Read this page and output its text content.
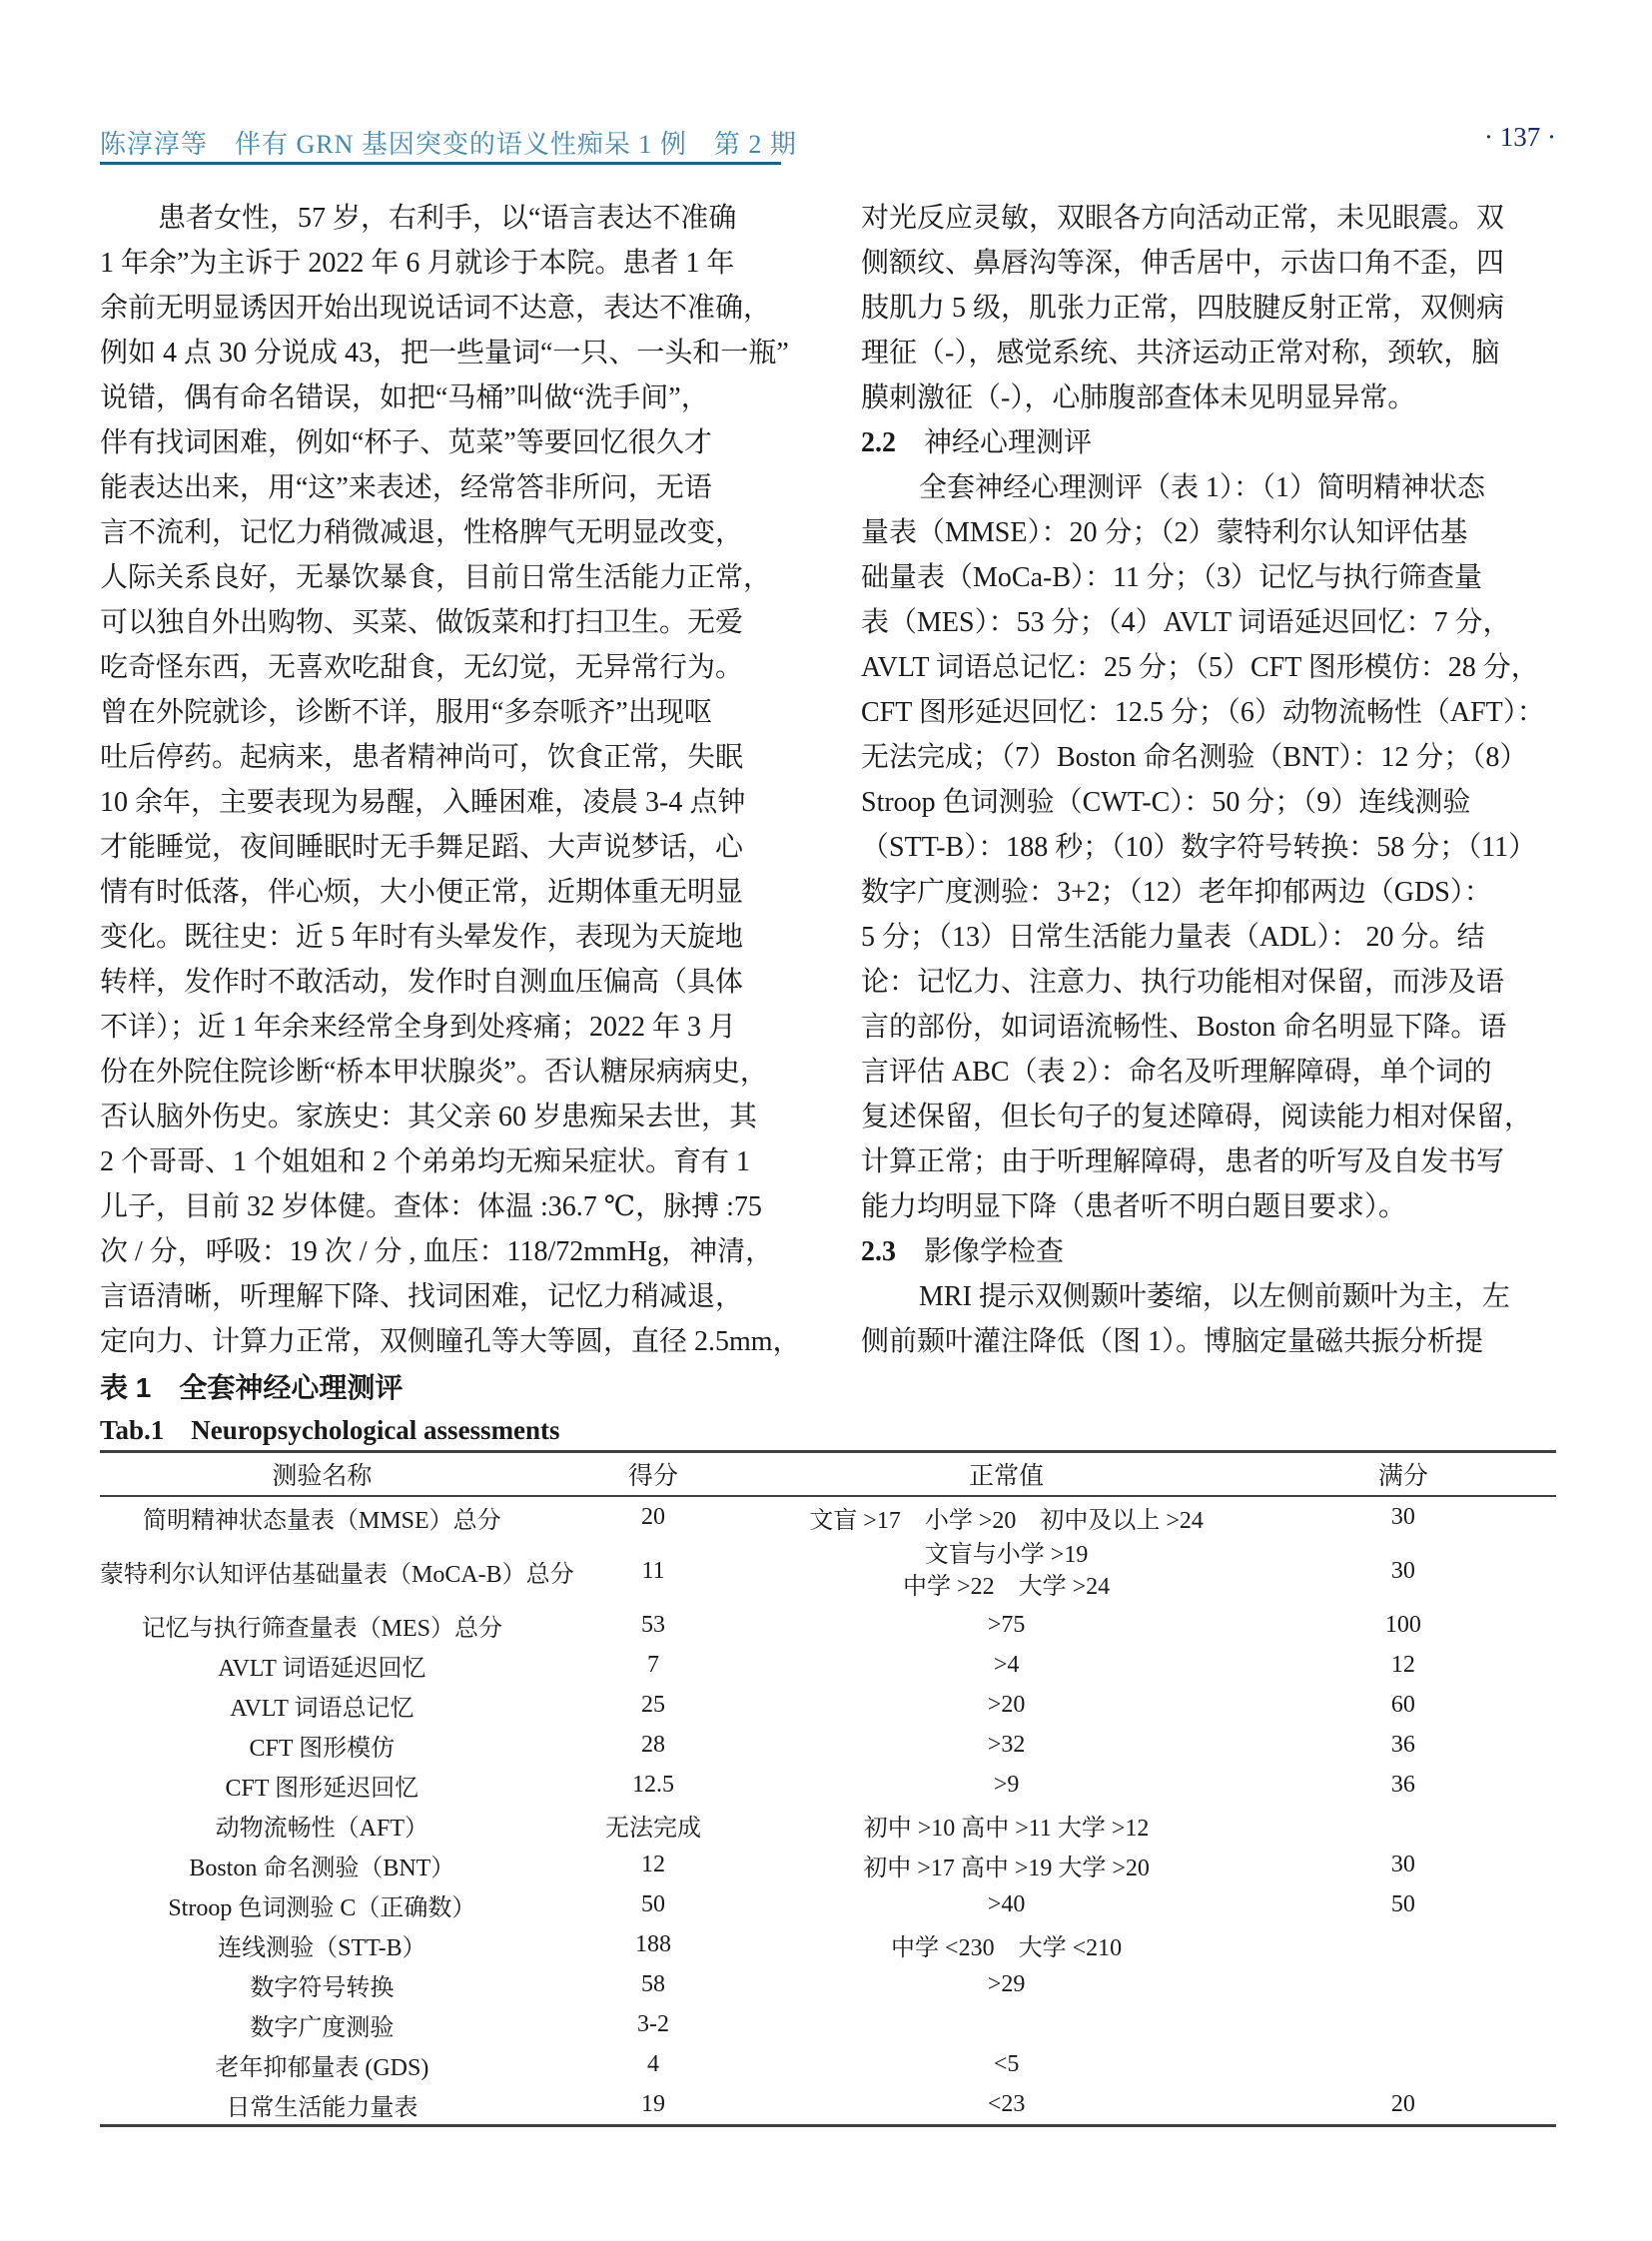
陈淳淳等　伴有 GRN 基因突变的语义性痴呆 1 例　第 2 期	· 137 ·
患者女性，57 岁，右利手，以“语言表达不准确
1 年余”为主诉于 2022 年 6 月就诊于本院。患者 1 年
余前无明显诱因开始出现说话词不达意，表达不准确，
例如 4 点 30 分说成 43，把一些量词“一只、一头和一瓶”
说错，偶有命名错误，如把“马桶”叫做“洗手间”，
伴有找词困难，例如“杯子、苋菜”等要回忆很久才
能表达出来，用“这”来表述，经常答非所问，无语
言不流利，记忆力稍微减退，性格脾气无明显改变，
人际关系良好，无暴饮暴食，目前日常生活能力正常，
可以独自外出购物、买菜、做饭菜和打扫卫生。无爱
吃奇怪东西，无喜欢吃甜食，无幻觉，无异常行为。
曾在外院就诊，诊断不详，服用“多奈哌齐”出现呕
吐后停药。起病来，患者精神尚可，饮食正常，失眠
10 余年，主要表现为易醒，入睡困难，凌晨 3-4 点钟
才能睡觉，夜间睡眠时无手舞足蹈、大声说梦话，心
情有时低落，伴心烦，大小便正常，近期体重无明显
变化。既往史：近 5 年时有头晕发作，表现为天旋地
转样，发作时不敢活动，发作时自测血压偏高（具体
不详）；近 1 年余来经常全身到处疼痛；2022 年 3 月
份在外院住院诊断“桥本甲状腺炎”。否认糖尿病病史，
否认脑外伤史。家族史：其父亲 60 岁患痴呆去世，其
2 个哥哥、1 个姐姐和 2 个弟弟均无痴呆症状。育有 1
儿子，目前 32 岁体健。查体：体温 :36.7 ℃，脉搏 :75
次 / 分，呼吸：19 次 / 分 , 血压：118/72mmHg，神清，
言语清晰，听理解下降、找词困难，记忆力稍减退，
定向力、计算力正常，双侧瞳孔等大等圆，直径 2.5mm，
对光反应灵敏，双眼各方向活动正常，未见眼震。双
侧额纹、鼻唇沟等深，伸舌居中，示齿口角不歪，四
肢肌力 5 级，肌张力正常，四肢腱反射正常，双侧病
理征（-），感觉系统、共济运动正常对称，颈软，脑
膜刺激征（-），心肺腹部查体未见明显异常。
2.2　神经心理测评
全套神经心理测评（表 1）：（1）简明精神状态
量表（MMSE）：20 分；（2）蒙特利尔认知评估基
础量表（MoCa-B）：11 分；（3）记忆与执行筛查量
表（MES）：53 分；（4）AVLT 词语延迟回忆：7 分，
AVLT 词语总记忆：25 分；（5）CFT 图形模仿：28 分，
CFT 图形延迟回忆：12.5 分；（6）动物流畅性（AFT）：
无法完成；（7）Boston 命名测验（BNT）：12 分；（8）
Stroop 色词测验（CWT-C）：50 分；（9）连线测验
（STT-B）：188 秒；（10）数字符号转换：58 分；（11）
数字广度测验：3+2；（12）老年抑郁两边（GDS）：
5 分；（13）日常生活能力量表（ADL）： 20 分。结
论：记忆力、注意力、执行功能相对保留，而涉及语
言的部份，如词语流畅性、Boston 命名明显下降。语
言评估 ABC（表 2）：命名及听理解障碍，单个词的
复述保留，但长句子的复述障碍，阅读能力相对保留，
计算正常；由于听理解障碍，患者的听写及自发书写
能力均明显下降（患者听不明白题目要求）。
2.3　影像学检查
MRI 提示双侧颞叶萎缩，以左侧前颞叶为主，左
侧前颞叶灌注降低（图 1）。博脑定量磁共振分析提
表 1　全套神经心理测评
Tab.1　Neuropsychological assessments
测验名称	得分	正常值	满分
简明精神状态量表（MMSE）总分	20	文盲 >17　小学 >20　初中及以上 >24	30
蒙特利尔认知评估基础量表（MoCA-B）总分	11	文盲与小学 >19
中学 >22　大学 >24	30
记忆与执行筛查量表（MES）总分	53	>75	100
AVLT 词语延迟回忆	7	>4	12
AVLT 词语总记忆	25	>20	60
CFT 图形模仿	28	>32	36
CFT 图形延迟回忆	12.5	>9	36
动物流畅性（AFT）	无法完成	初中 >10 高中 >11 大学 >12	
Boston 命名测验（BNT）	12	初中 >17 高中 >19 大学 >20	30
Stroop 色词测验 C（正确数）	50	>40	50
连线测验（STT-B）	188	中学 <230　大学 <210	
数字符号转换	58	>29	
数字广度测验	3-2		
老年抑郁量表 (GDS)	4	<5	
日常生活能力量表	19	<23	20
